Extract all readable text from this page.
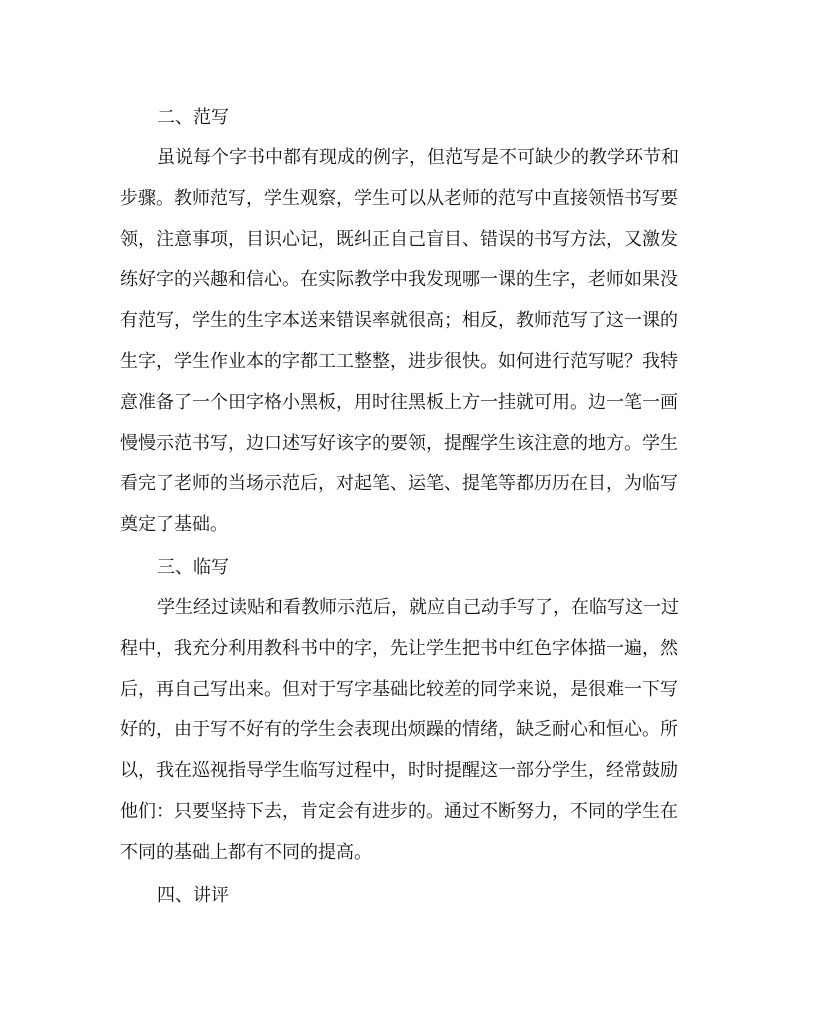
二、范写

虽说每个字书中都有现成的例字，但范写是不可缺少的教学环节和

步骤。教师范写，学生观察，学生可以从老师的范写中直接领悟书写要

领，注意事项，目识心记，既纠正自己盲目、错误的书写方法，又激发

练好字的兴趣和信心。在实际教学中我发现哪一课的生字，老师如果没

有范写，学生的生字本送来错误率就很高；相反，教师范写了这一课的

生字，学生作业本的字都工工整整，进步很快。如何进行范写呢？我特

意准备了一个田字格小黑板，用时往黑板上方一挂就可用。边一笔一画

慢慢示范书写，边口述写好该字的要领，提醒学生该注意的地方。学生

看完了老师的当场示范后，对起笔、运笔、提笔等都历历在目，为临写

奠定了基础。

三、临写

学生经过读贴和看教师示范后，就应自己动手写了，在临写这一过

程中，我充分利用教科书中的字，先让学生把书中红色字体描一遍，然

后，再自己写出来。但对于写字基础比较差的同学来说，是很难一下写

好的，由于写不好有的学生会表现出烦躁的情绪，缺乏耐心和恒心。所

以，我在巡视指导学生临写过程中，时时提醒这一部分学生，经常鼓励

他们：只要坚持下去，肯定会有进步的。通过不断努力，不同的学生在

不同的基础上都有不同的提高。

四、讲评
